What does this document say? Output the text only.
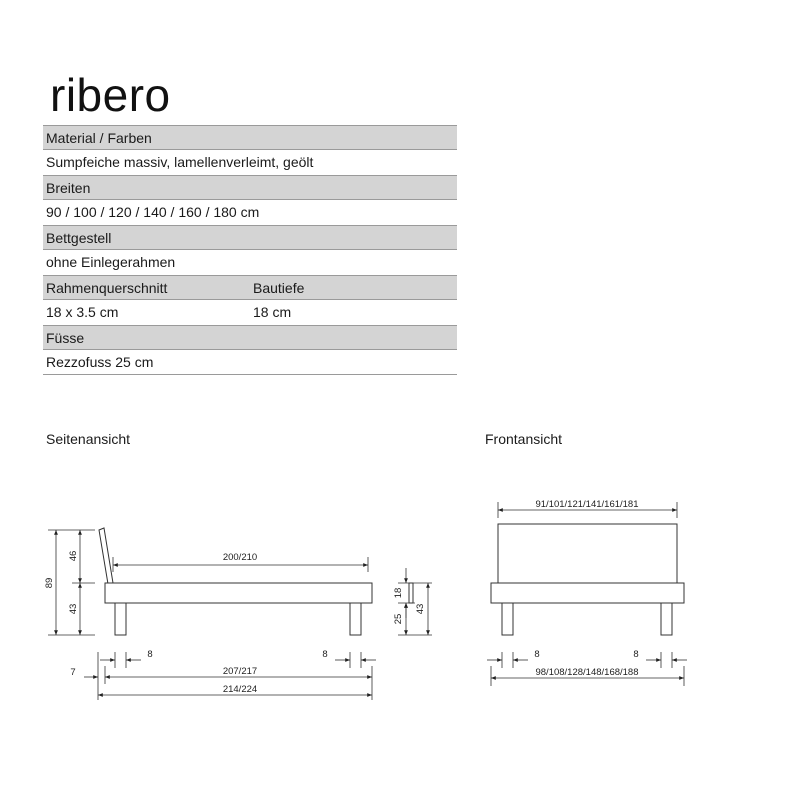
ribero
Material / Farben
Sumpfeiche massiv, lamellenverleimt, geölt
Breiten
90 / 100 / 120 / 140 / 160 / 180 cm
Bettgestell
ohne Einlegerahmen
Rahmenquerschnitt	Bautiefe
18 x 3.5 cm	18 cm
Füsse
Rezzofuss 25 cm
Seitenansicht	Frontansicht
89
46
43
200/210
18
25
43
8	8
7	207/217
214/224
91/101/121/141/161/181
8	8
98/108/128/148/168/188
